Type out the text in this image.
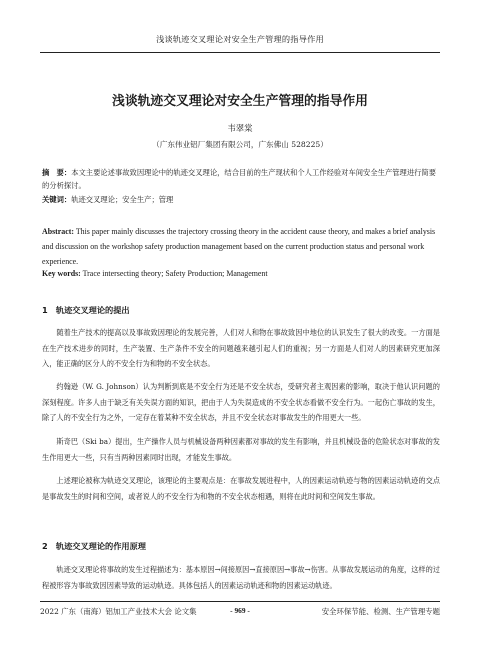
浅谈轨迹交叉理论对安全生产管理的指导作用
浅谈轨迹交叉理论对安全生产管理的指导作用
韦翠棠
（广东伟业铝厂集团有限公司，广东佛山 528225）
摘　要：本文主要论述事故致因理论中的轨迹交叉理论，结合目前的生产现状和个人工作经验对车间安全生产管理进行简要的分析探讨。
关键词：轨迹交叉理论；安全生产；管理
Abstract: This paper mainly discusses the trajectory crossing theory in the accident cause theory, and makes a brief analysis and discussion on the workshop safety production management based on the current production status and personal work experience.
Key words: Trace intersecting theory; Safety Production; Management
1　轨迹交叉理论的提出
随着生产技术的提高以及事故致因理论的发展完善，人们对人和物在事故致因中地位的认识发生了很大的改变。一方面是在生产技术进步的同时，生产装置、生产条件不安全的问题越来越引起人们的重视；另一方面是人们对人的因素研究更加深入，能正确的区分人的不安全行为和物的不安全状态。
约翰逊（W. G. Johnson）认为判断到底是不安全行为还是不安全状态，受研究者主观因素的影响，取决于他认识问题的深刻程度。许多人由于缺乏有关失误方面的知识，把由于人为失误造成的不安全状态看做不安全行为。一起伤亡事故的发生，除了人的不安全行为之外，一定存在着某种不安全状态，并且不安全状态对事故发生的作用更大一些。
斯奇巴（Ski ba）提出，生产操作人员与机械设备两种因素都对事故的发生有影响，并且机械设备的危险状态对事故的发生作用更大一些，只有当两种因素同时出现，才能发生事故。
上述理论被称为轨迹交叉理论，该理论的主要观点是：在事故发展进程中，人的因素运动轨迹与物的因素运动轨迹的交点是事故发生的时间和空间，或者说人的不安全行为和物的不安全状态相遇，则将在此时间和空间发生事故。
2　轨迹交叉理论的作用原理
轨迹交叉理论将事故的发生过程描述为：基本原因→间接原因→直接原因→事故→伤害。从事故发展运动的角度，这样的过程被形容为事故致因因素导致的运动轨迹。具体包括人的因素运动轨迹和物的因素运动轨迹。
2022 广东（南海）铝加工产业技术大会 论文集	- 969 -	安全环保节能、检测、生产管理专题
